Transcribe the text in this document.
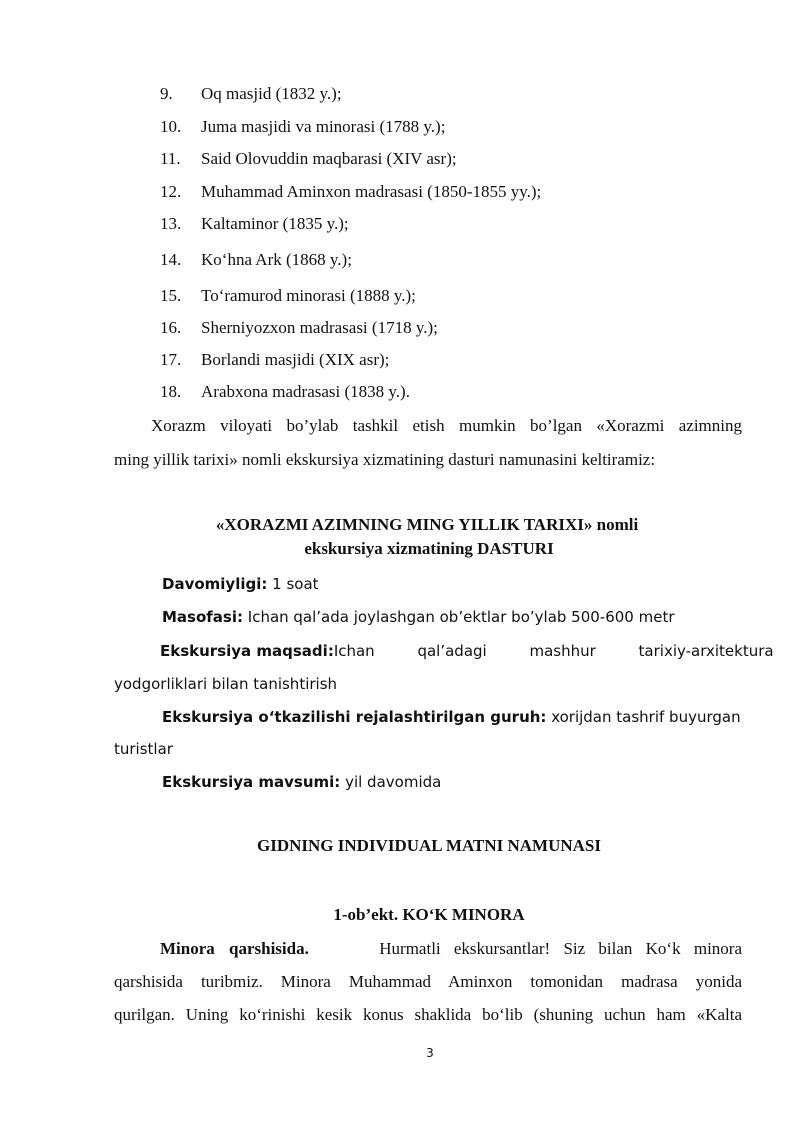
9. Oq masjid (1832 y.);
10. Juma masjidi va minorasi (1788 y.);
11. Said Olovuddin maqbarasi (XIV asr);
12. Muhammad Aminxon madrasasi (1850-1855 yy.);
13. Kaltaminor (1835 y.);
14. Ko‘hna Ark (1868 y.);
15. To‘ramurod minorasi (1888 y.);
16. Sherniyozxon madrasasi (1718 y.);
17. Borlandi masjidi (XIX asr);
18. Arabxona madrasasi (1838 y.).
Xorazm viloyati bo’ylab tashkil etish mumkin bo’lgan «Xorazmi azimning
ming yillik tarixi» nomli ekskursiya xizmatining dasturi namunasini keltiramiz:
«XORAZMI AZIMNING MING YILLIK TARIXI» nomli
ekskursiya xizmatining DASTURI
Davomiyligi: 1 soat
Masofasi: Ichan qal’ada joylashgan ob’ektlar bo’ylab 500-600 metr
Ekskursiya maqsadi: Ichan qal’adagi mashhur tarixiy-arxitektura
yodgorliklari bilan tanishtirish
Ekskursiya o‘tkazilishi rejalashtirilgan guruh: xorijdan tashrif buyurgan
turistlar
Ekskursiya mavsumi: yil davomida
GIDNING INDIVIDUAL MATNI NAMUNASI
1-ob’ekt. KO‘K MINORA
Minora qarshisida.	Hurmatli ekskursantlar! Siz bilan Ko‘k minora
qarshisida turibmiz. Minora Muhammad Aminxon tomonidan madrasa yonida
qurilgan. Uning ko‘rinishi kesik konus shaklida bo‘lib (shuning uchun ham «Kalta
3
